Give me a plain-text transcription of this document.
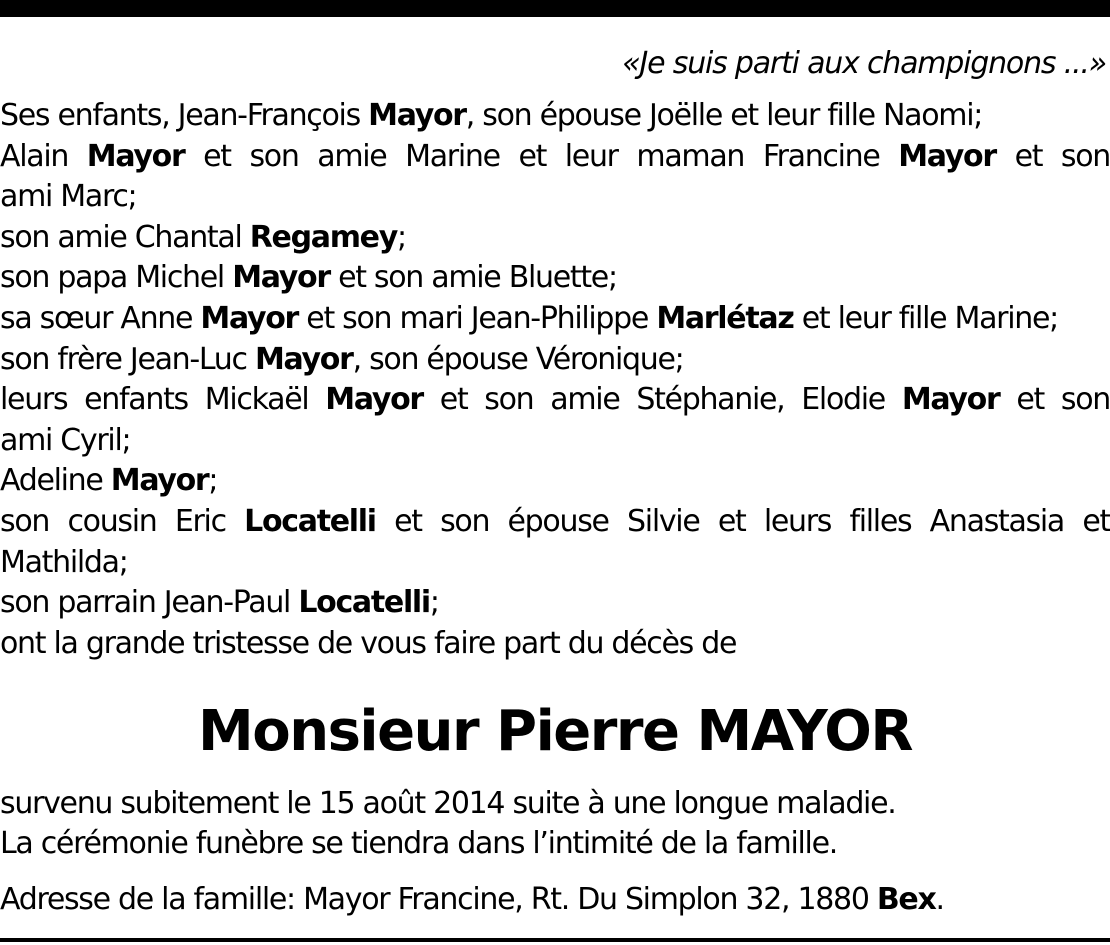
«Je suis parti aux champignons ...»
Ses enfants, Jean-François Mayor, son épouse Joëlle et leur fille Naomi;
Alain Mayor et son amie Marine et leur maman Francine Mayor et son
ami Marc;
son amie Chantal Regamey;
son papa Michel Mayor et son amie Bluette;
sa sœur Anne Mayor et son mari Jean-Philippe Marlétaz et leur fille Marine;
son frère Jean-Luc Mayor, son épouse Véronique;
leurs enfants Mickaël Mayor et son amie Stéphanie, Elodie Mayor et son
ami Cyril;
Adeline Mayor;
son cousin Eric Locatelli et son épouse Silvie et leurs filles Anastasia et
Mathilda;
son parrain Jean-Paul Locatelli;
ont la grande tristesse de vous faire part du décès de
Monsieur Pierre MAYOR
survenu subitement le 15 août 2014 suite à une longue maladie.
La cérémonie funèbre se tiendra dans l’intimité de la famille.
Adresse de la famille: Mayor Francine, Rt. Du Simplon 32, 1880 Bex.
